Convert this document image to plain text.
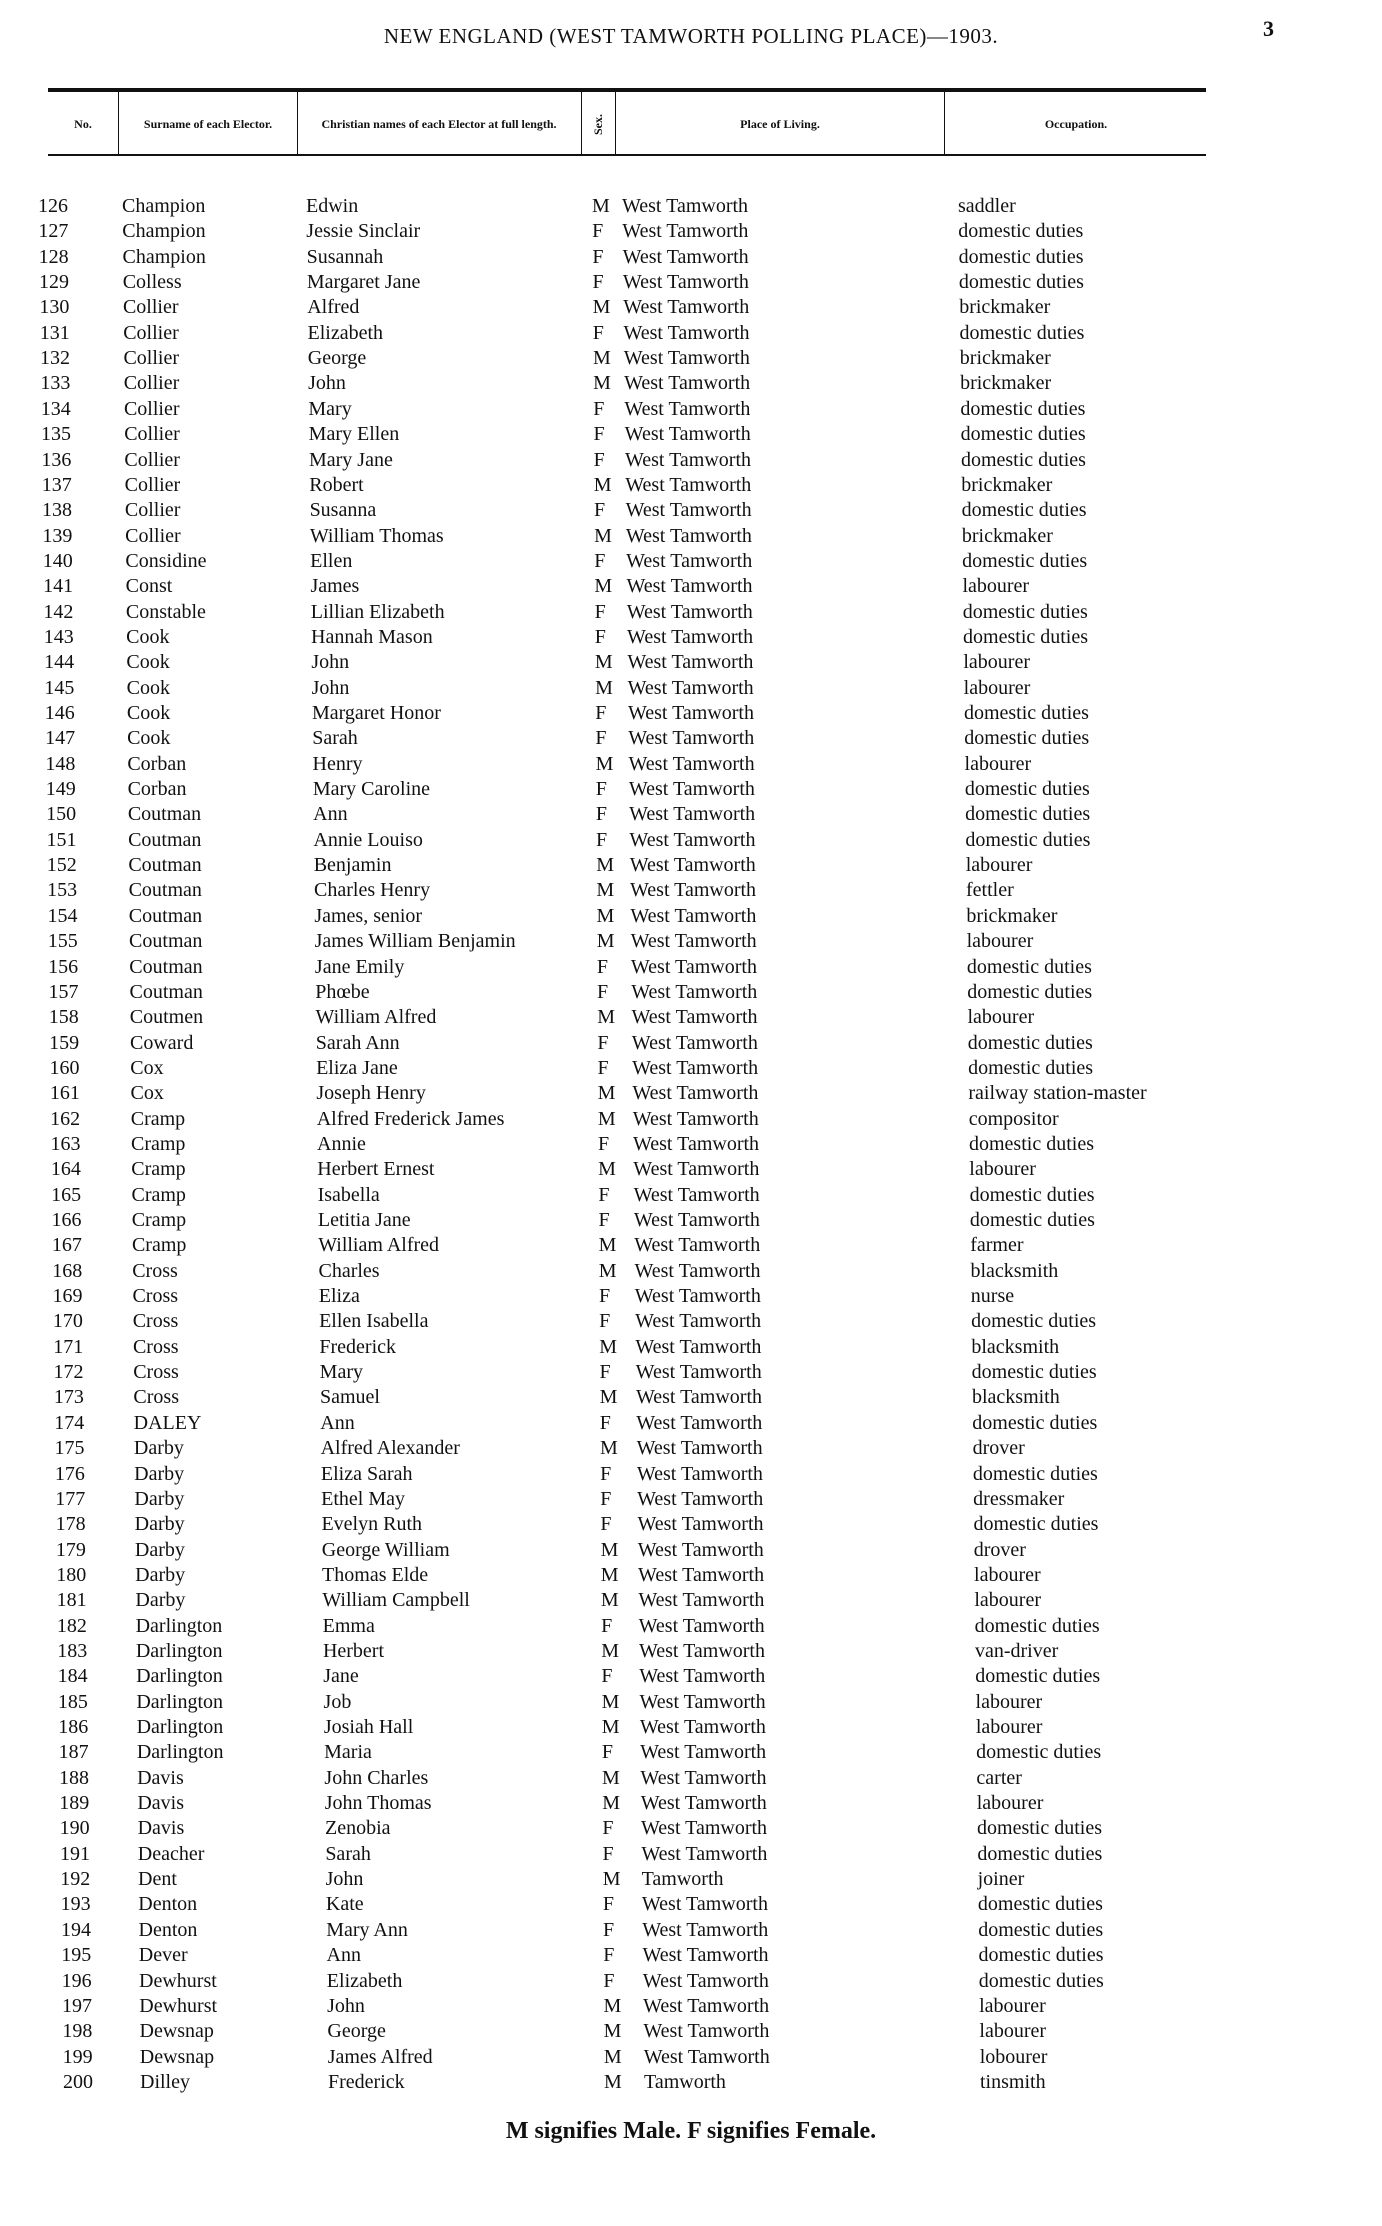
NEW ENGLAND (WEST TAMWORTH POLLING PLACE)—1903.	3
No.	Surname of each Elector.	Christian names of each Elector at full length.	Sex.	Place of Living.	Occupation.
126	Champion	Edwin	M West Tamworth	saddler
127	Champion	Jessie Sinclair	F West Tamworth	domestic duties
128	Champion	Susannah	F West Tamworth	domestic duties
129	Colless	Margaret Jane	F West Tamworth	domestic duties
130	Collier	Alfred	M West Tamworth	brickmaker
131	Collier	Elizabeth	F West Tamworth	domestic duties
132	Collier	George	M West Tamworth	brickmaker
133	Collier	John	M West Tamworth	brickmaker
134	Collier	Mary	F West Tamworth	domestic duties
135	Collier	Mary Ellen	F West Tamworth	domestic duties
136	Collier	Mary Jane	F West Tamworth	domestic duties
137	Collier	Robert	M West Tamworth	brickmaker
138	Collier	Susanna	F West Tamworth	domestic duties
139	Collier	William Thomas	M West Tamworth	brickmaker
140	Considine	Ellen	F West Tamworth	domestic duties
141	Const	James	M West Tamworth	labourer
142	Constable	Lillian Elizabeth	F West Tamworth	domestic duties
143	Cook	Hannah Mason	F West Tamworth	domestic duties
144	Cook	John	M West Tamworth	labourer
145	Cook	John	M West Tamworth	labourer
146	Cook	Margaret Honor	F West Tamworth	domestic duties
147	Cook	Sarah	F West Tamworth	domestic duties
148	Corban	Henry	M West Tamworth	labourer
149	Corban	Mary Caroline	F West Tamworth	domestic duties
150	Coutman	Ann	F West Tamworth	domestic duties
151	Coutman	Annie Louiso	F West Tamworth	domestic duties
152	Coutman	Benjamin	M West Tamworth	labourer
153	Coutman	Charles Henry	M West Tamworth	fettler
154	Coutman	James, senior	M West Tamworth	brickmaker
155	Coutman	James William Benjamin	M West Tamworth	labourer
156	Coutman	Jane Emily	F West Tamworth	domestic duties
157	Coutman	Phœbe	F West Tamworth	domestic duties
158	Coutmen	William Alfred	M West Tamworth	labourer
159	Coward	Sarah Ann	F West Tamworth	domestic duties
160	Cox	Eliza Jane	F West Tamworth	domestic duties
161	Cox	Joseph Henry	M West Tamworth	railway station-master
162	Cramp	Alfred Frederick James	M West Tamworth	compositor
163	Cramp	Annie	F West Tamworth	domestic duties
164	Cramp	Herbert Ernest	M West Tamworth	labourer
165	Cramp	Isabella	F West Tamworth	domestic duties
166	Cramp	Letitia Jane	F West Tamworth	domestic duties
167	Cramp	William Alfred	M West Tamworth	farmer
168	Cross	Charles	M West Tamworth	blacksmith
169 Cross	Eliza	F West Tamworth	nurse
170 Cross	Ellen Isabella	F West Tamworth	domestic duties
171 Cross	Frederick	M West Tamworth	blacksmith
172 Cross	Mary	F West Tamworth	domestic duties
173 Cross	Samuel	M West Tamworth	blacksmith
174 DALEY	Ann	F West Tamworth	domestic duties
175 Darby	Alfred Alexander	M West Tamworth	drover
176 Darby	Eliza Sarah	F West Tamworth	domestic duties
177 Darby	Ethel May	F West Tamworth	dressmaker
178 Darby	Evelyn Ruth	F West Tamworth	domestic duties
179 Darby	George William	M West Tamworth	drover
180 Darby	Thomas Elde	M West Tamworth	labourer
181 Darby	William Campbell	M West Tamworth	labourer
182 Darlington	Emma	F West Tamworth	domestic duties
183 Darlington	Herbert	M West Tamworth	van-driver
184 Darlington	Jane	F West Tamworth	domestic duties
185 Darlington	Job	M West Tamworth	labourer
186 Darlington	Josiah Hall	M West Tamworth	labourer
187 Darlington	Maria	F West Tamworth	domestic duties
188 Davis	John Charles	M West Tamworth	carter
189 Davis	John Thomas	M West Tamworth	labourer
190 Davis	Zenobia	F West Tamworth	domestic duties
191 Deacher	Sarah	F West Tamworth	domestic duties
192 Dent	John	M Tamworth	joiner
193 Denton	Kate	F West Tamworth	domestic duties
194 Denton	Mary Ann	F West Tamworth	domestic duties
195 Dever	Ann	F West Tamworth	domestic duties
196 Dewhurst	Elizabeth	F West Tamworth	domestic duties
197 Dewhurst	John	M West Tamworth	labourer
198 Dewsnap	George	M West Tamworth	labourer
199 Dewsnap	James Alfred	M West Tamworth	lobourer
200 Dilley	Frederick	M Tamworth	tinsmith
M signifies Male. F signifies Female.
